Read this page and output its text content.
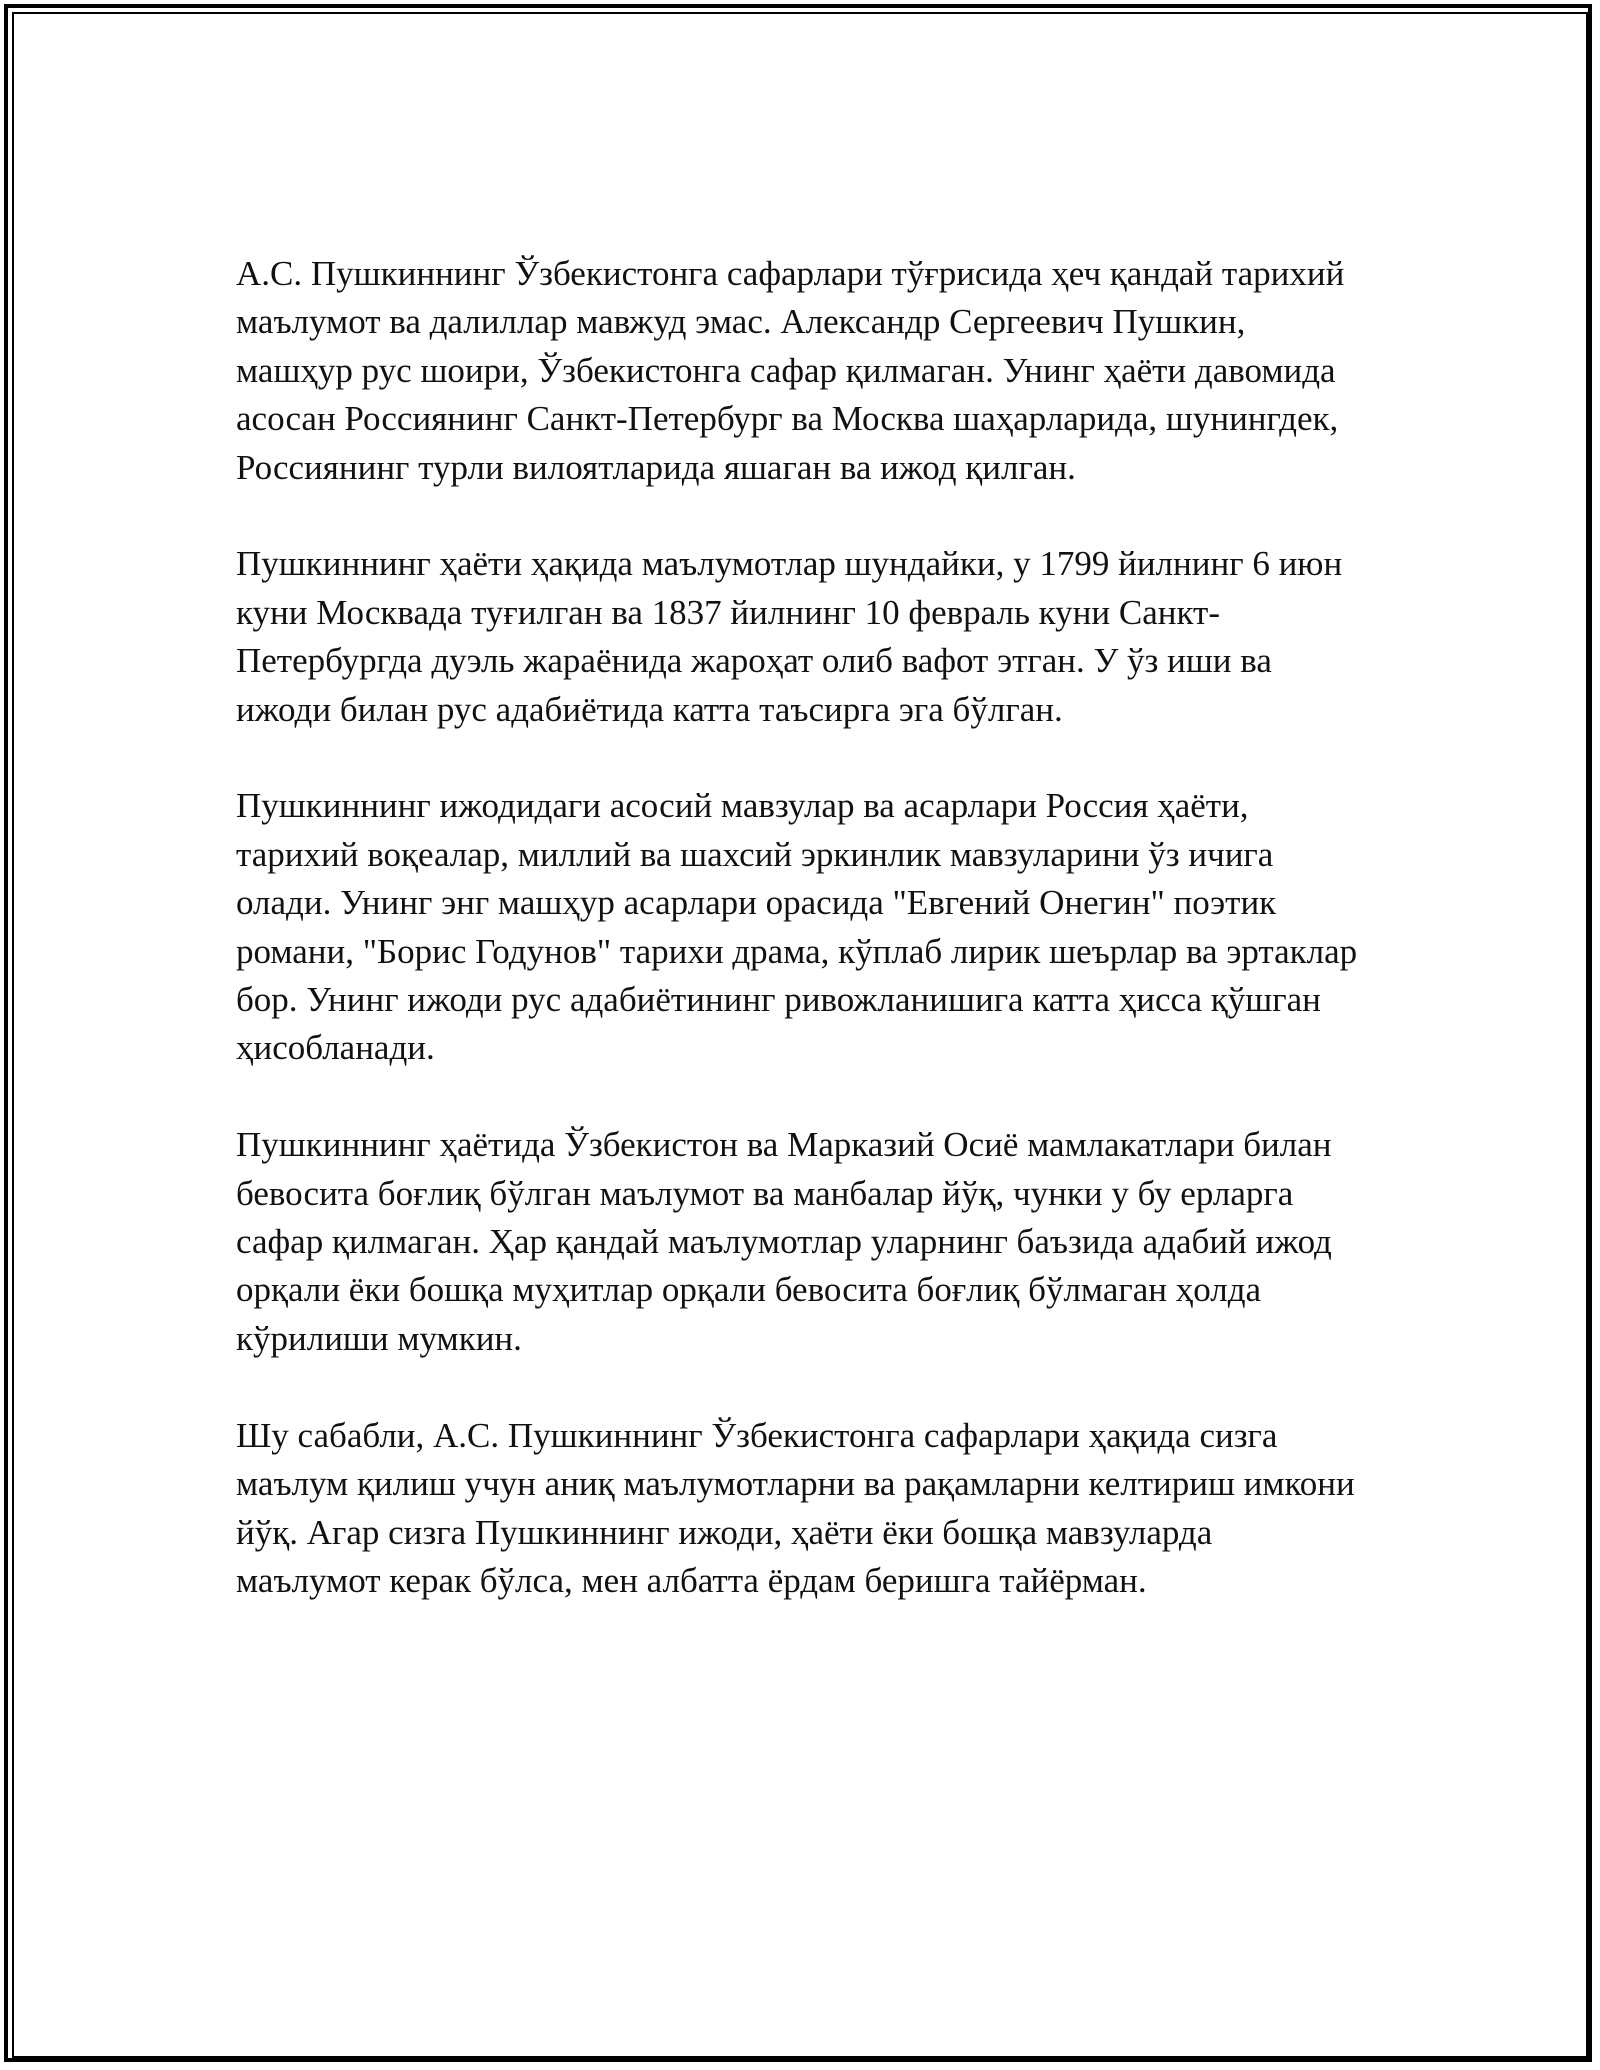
А.С. Пушкиннинг Ўзбекистонга сафарлари тўғрисида ҳеч қандай тарихий маълумот ва далиллар мавжуд эмас. Александр Сергеевич Пушкин, машҳур рус шоири, Ўзбекистонга сафар қилмаган. Унинг ҳаёти давомида асосан Россиянинг Санкт-Петербург ва Москва шаҳарларида, шунингдек, Россиянинг турли вилоятларида яшаган ва ижод қилган.

Пушкиннинг ҳаёти ҳақида маълумотлар шундайки, у 1799 йилнинг 6 июн куни Москвада туғилган ва 1837 йилнинг 10 февраль куни Санкт-Петербургда дуэль жараёнида жароҳат олиб вафот этган. У ўз иши ва ижоди билан рус адабиётида катта таъсирга эга бўлган.

Пушкиннинг ижодидаги асосий мавзулар ва асарлари Россия ҳаёти, тарихий воқеалар, миллий ва шахсий эркинлик мавзуларини ўз ичига олади. Унинг энг машҳур асарлари орасида "Евгений Онегин" поэтик романи, "Борис Годунов" тарихи драма, кўплаб лирик шеърлар ва эртаклар бор. Унинг ижоди рус адабиётининг ривожланишига катта ҳисса қўшган ҳисобланади.

Пушкиннинг ҳаётида Ўзбекистон ва Марказий Осиё мамлакатлари билан бевосита боғлиқ бўлган маълумот ва манбалар йўқ, чунки у бу ерларга сафар қилмаган. Ҳар қандай маълумотлар уларнинг баъзида адабий ижод орқали ёки бошқа муҳитлар орқали бевосита боғлиқ бўлмаган ҳолда кўрилиши мумкин.

Шу сабабли, А.С. Пушкиннинг Ўзбекистонга сафарлари ҳақида сизга маълум қилиш учун аниқ маълумотларни ва рақамларни келтириш имкони йўқ. Агар сизга Пушкиннинг ижоди, ҳаёти ёки бошқа мавзуларда маълумот керак бўлса, мен албатта ёрдам беришга тайёрман.
